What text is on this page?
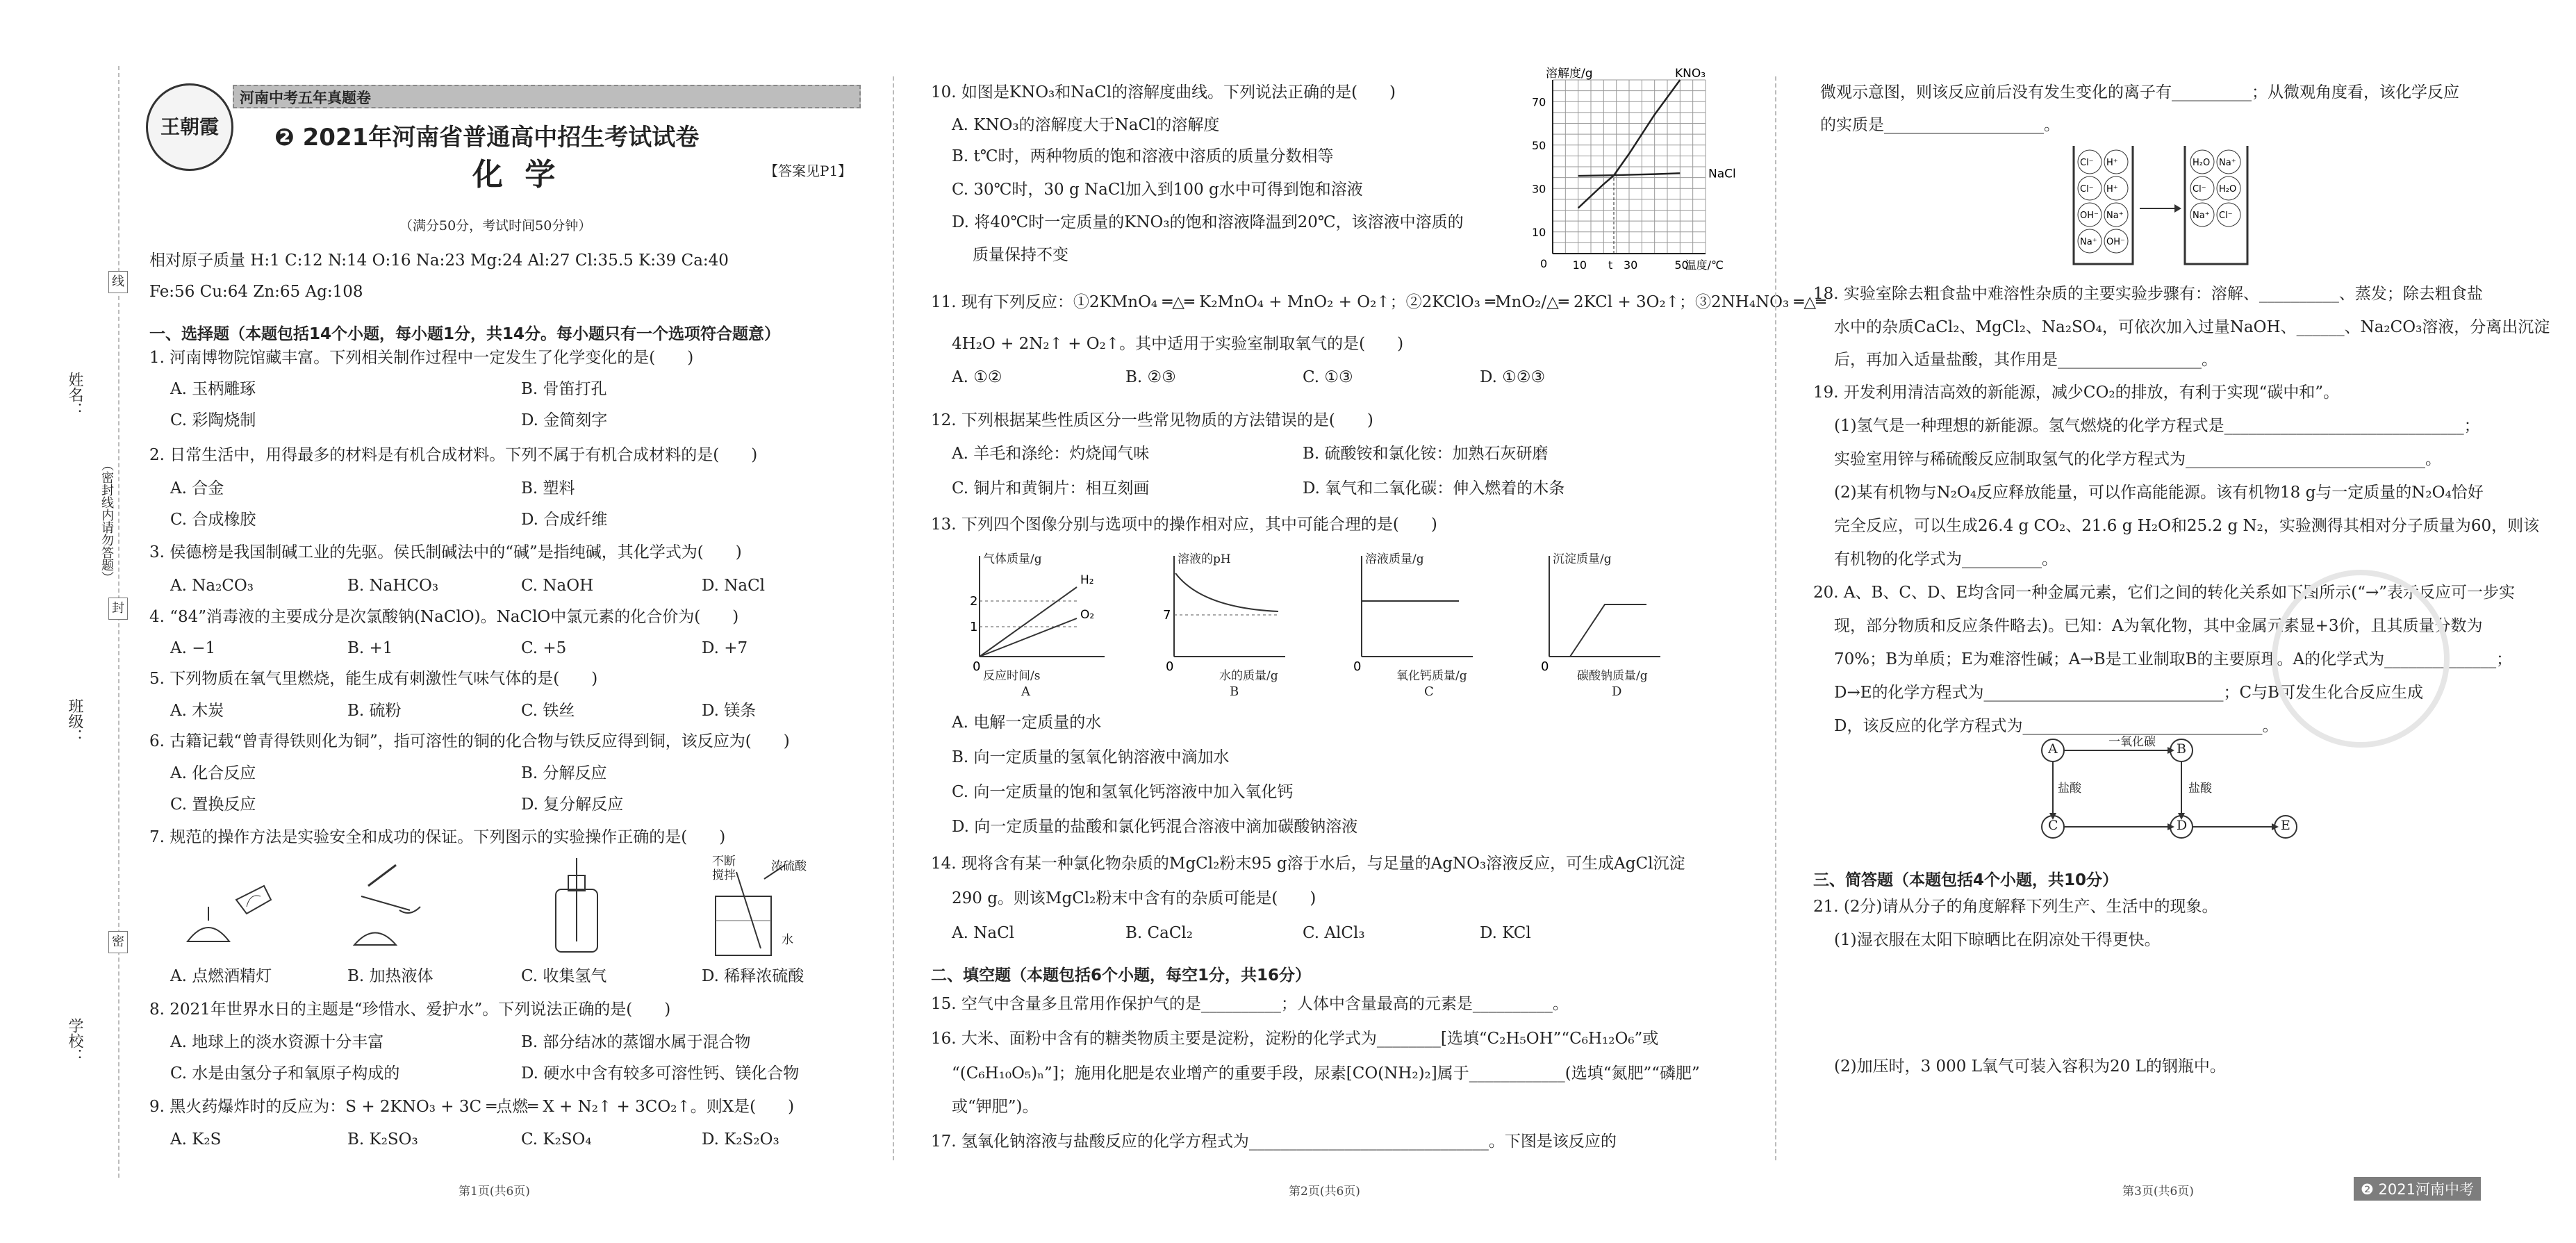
姓名：
班级：
学校：
（密封线内请勿答题）
线
封
密
王朝霞
河南中考五年真题卷
❷ 2021年河南省普通高中招生考试试卷
化 学	【答案见P1】
（满分50分，考试时间50分钟）
相对原子质量 H:1 C:12 N:14 O:16 Na:23 Mg:24 Al:27 Cl:35.5 K:39 Ca:40
Fe:56 Cu:64 Zn:65 Ag:108
一、选择题（本题包括14个小题，每小题1分，共14分。每小题只有一个选项符合题意）
1. 河南博物院馆藏丰富。下列相关制作过程中一定发生了化学变化的是(　　)
A. 玉柄雕琢	B. 骨笛打孔
C. 彩陶烧制	D. 金简刻字
2. 日常生活中，用得最多的材料是有机合成材料。下列不属于有机合成材料的是(　　)
A. 合金	B. 塑料
C. 合成橡胶	D. 合成纤维
3. 侯德榜是我国制碱工业的先驱。侯氏制碱法中的“碱”是指纯碱，其化学式为(　　)
A. Na₂CO₃	B. NaHCO₃	C. NaOH	D. NaCl
4. “84”消毒液的主要成分是次氯酸钠(NaClO)。NaClO中氯元素的化合价为(　　)
A. −1	B. +1	C. +5	D. +7
5. 下列物质在氧气里燃烧，能生成有刺激性气味气体的是(　　)
A. 木炭	B. 硫粉	C. 铁丝	D. 镁条
6. 古籍记载“曾青得铁则化为铜”，指可溶性的铜的化合物与铁反应得到铜，该反应为(　　)
A. 化合反应	B. 分解反应
C. 置换反应	D. 复分解反应
7. 规范的操作方法是实验安全和成功的保证。下列图示的实验操作正确的是(　　)
不断搅拌
浓硫酸
水
A. 点燃酒精灯	B. 加热液体	C. 收集氢气	D. 稀释浓硫酸
8. 2021年世界水日的主题是“珍惜水、爱护水”。下列说法正确的是(　　)
A. 地球上的淡水资源十分丰富	B. 部分结冰的蒸馏水属于混合物
C. 水是由氢分子和氧原子构成的	D. 硬水中含有较多可溶性钙、镁化合物
9. 黑火药爆炸时的反应为：S + 2KNO₃ + 3C ═点燃═ X + N₂↑ + 3CO₂↑。则X是(　　)
A. K₂S	B. K₂SO₃	C. K₂SO₄	D. K₂S₂O₃
第1页(共6页)
10. 如图是KNO₃和NaCl的溶解度曲线。下列说法正确的是(　　)
A. KNO₃的溶解度大于NaCl的溶解度
B. t℃时，两种物质的饱和溶液中溶质的质量分数相等
C. 30℃时，30 g NaCl加入到100 g水中可得到饱和溶液
D. 将40℃时一定质量的KNO₃的饱和溶液降温到20℃，该溶液中溶质的
质量保持不变
KNO₃
NaCl
10
30
50
70
10 t 30	50
0
溶解度/g
温度/℃
11. 现有下列反应：①2KMnO₄ ═△═ K₂MnO₄ + MnO₂ + O₂↑；②2KClO₃ ═MnO₂/△═ 2KCl + 3O₂↑；③2NH₄NO₃ ═△═
4H₂O + 2N₂↑ + O₂↑。其中适用于实验室制取氧气的是(　　)
A. ①②	B. ②③	C. ①③	D. ①②③
12. 下列根据某些性质区分一些常见物质的方法错误的是(　　)
A. 羊毛和涤纶：灼烧闻气味	B. 硫酸铵和氯化铵：加熟石灰研磨
C. 铜片和黄铜片：相互刻画	D. 氧气和二氧化碳：伸入燃着的木条
13. 下列四个图像分别与选项中的操作相对应，其中可能合理的是(　　)
2
1
0
H₂
O₂	7
0	0	0
气体质量/g
反应时间/s
A
溶液的pH
水的质量/g
B
溶液质量/g
氧化钙质量/g
C
沉淀质量/g
碳酸钠质量/g
D
A. 电解一定质量的水
B. 向一定质量的氢氧化钠溶液中滴加水
C. 向一定质量的饱和氢氧化钙溶液中加入氧化钙
D. 向一定质量的盐酸和氯化钙混合溶液中滴加碳酸钠溶液
14. 现将含有某一种氯化物杂质的MgCl₂粉末95 g溶于水后，与足量的AgNO₃溶液反应，可生成AgCl沉淀
290 g。则该MgCl₂粉末中含有的杂质可能是(　　)
A. NaCl	B. CaCl₂	C. AlCl₃	D. KCl
二、填空题（本题包括6个小题，每空1分，共16分）
15. 空气中含量多且常用作保护气的是__________；人体中含量最高的元素是__________。
16. 大米、面粉中含有的糖类物质主要是淀粉，淀粉的化学式为________[选填“C₂H₅OH”“C₆H₁₂O₆”或
“(C₆H₁₀O₅)ₙ”]；施用化肥是农业增产的重要手段，尿素[CO(NH₂)₂]属于____________(选填“氮肥”“磷肥”
或“钾肥”)。
17. 氢氧化钠溶液与盐酸反应的化学方程式为______________________________。下图是该反应的
第2页(共6页)
微观示意图，则该反应前后没有发生变化的离子有__________；从微观角度看，该化学反应
的实质是____________________。
Cl⁻ H⁺
Cl⁻ H⁺
OH⁻ Na⁺
Na⁺ OH⁻
H₂O Na⁺
Cl⁻ H₂O
Na⁺ Cl⁻
18. 实验室除去粗食盐中难溶性杂质的主要实验步骤有：溶解、__________、蒸发；除去粗食盐
水中的杂质CaCl₂、MgCl₂、Na₂SO₄，可依次加入过量NaOH、______、Na₂CO₃溶液，分离出沉淀
后，再加入适量盐酸，其作用是__________________。
19. 开发利用清洁高效的新能源，减少CO₂的排放，有利于实现“碳中和”。
(1)氢气是一种理想的新能源。氢气燃烧的化学方程式是______________________________；
实验室用锌与稀硫酸反应制取氢气的化学方程式为______________________________。
(2)某有机物与N₂O₄反应释放能量，可以作高能能源。该有机物18 g与一定质量的N₂O₄恰好
完全反应，可以生成26.4 g CO₂、21.6 g H₂O和25.2 g N₂，实验测得其相对分子质量为60，则该
有机物的化学式为__________。
20. A、B、C、D、E均含同一种金属元素，它们之间的转化关系如下图所示(“→”表示反应可一步实
现，部分物质和反应条件略去)。已知：A为氧化物，其中金属元素显+3价，且其质量分数为
70%；B为单质；E为难溶性碱；A→B是工业制取B的主要原理。A的化学式为______________；
D→E的化学方程式为______________________________；C与B可发生化合反应生成
D，该反应的化学方程式为______________________________。
A	B
C	D	E
一氧化碳
盐酸	盐酸
三、简答题（本题包括4个小题，共10分）
21. (2分)请从分子的角度解释下列生产、生活中的现象。
(1)湿衣服在太阳下晾晒比在阴凉处干得更快。
(2)加压时，3 000 L氧气可装入容积为20 L的钢瓶中。
第3页(共6页)	❷ 2021河南中考
